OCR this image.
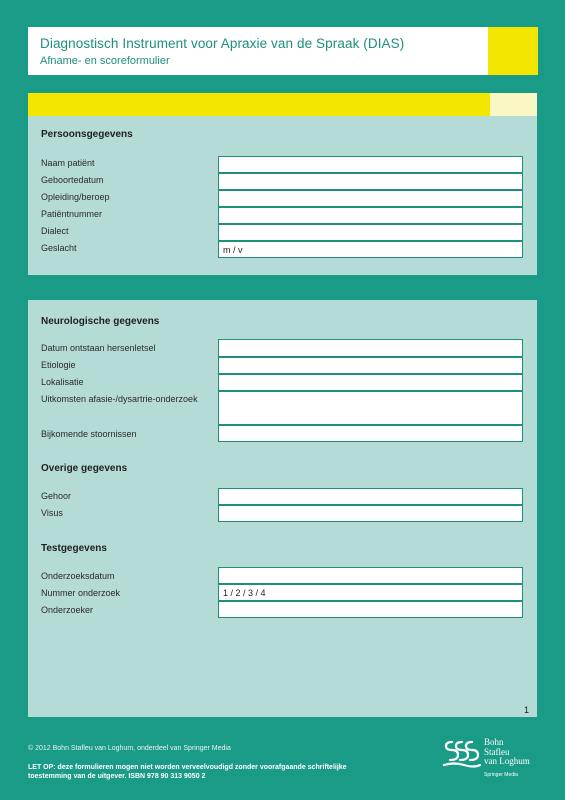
Diagnostisch Instrument voor Apraxie van de Spraak (DIAS)
Afname- en scoreformulier
Persoonsgegevens
Naam patiënt
Geboortedatum
Opleiding/beroep
Patiëntnummer
Dialect
Geslacht	m / v
Neurologische gegevens
Datum ontstaan hersenletsel
Etiologie
Lokalisatie
Uitkomsten afasie-/dysartrie-onderzoek
Bijkomende stoornissen
Overige gegevens
Gehoor
Visus
Testgegevens
Onderzoeksdatum
Nummer onderzoek	1 / 2 / 3 / 4
Onderzoeker
1
© 2012 Bohn Stafleu van Loghum, onderdeel van Springer Media
LET OP: deze formulieren mogen niet worden verveelvoudigd zonder voorafgaande schriftelijke toestemming van de uitgever. ISBN 978 90 313 9050 2
Bohn
Stafleu
van Loghum
Springer Media
